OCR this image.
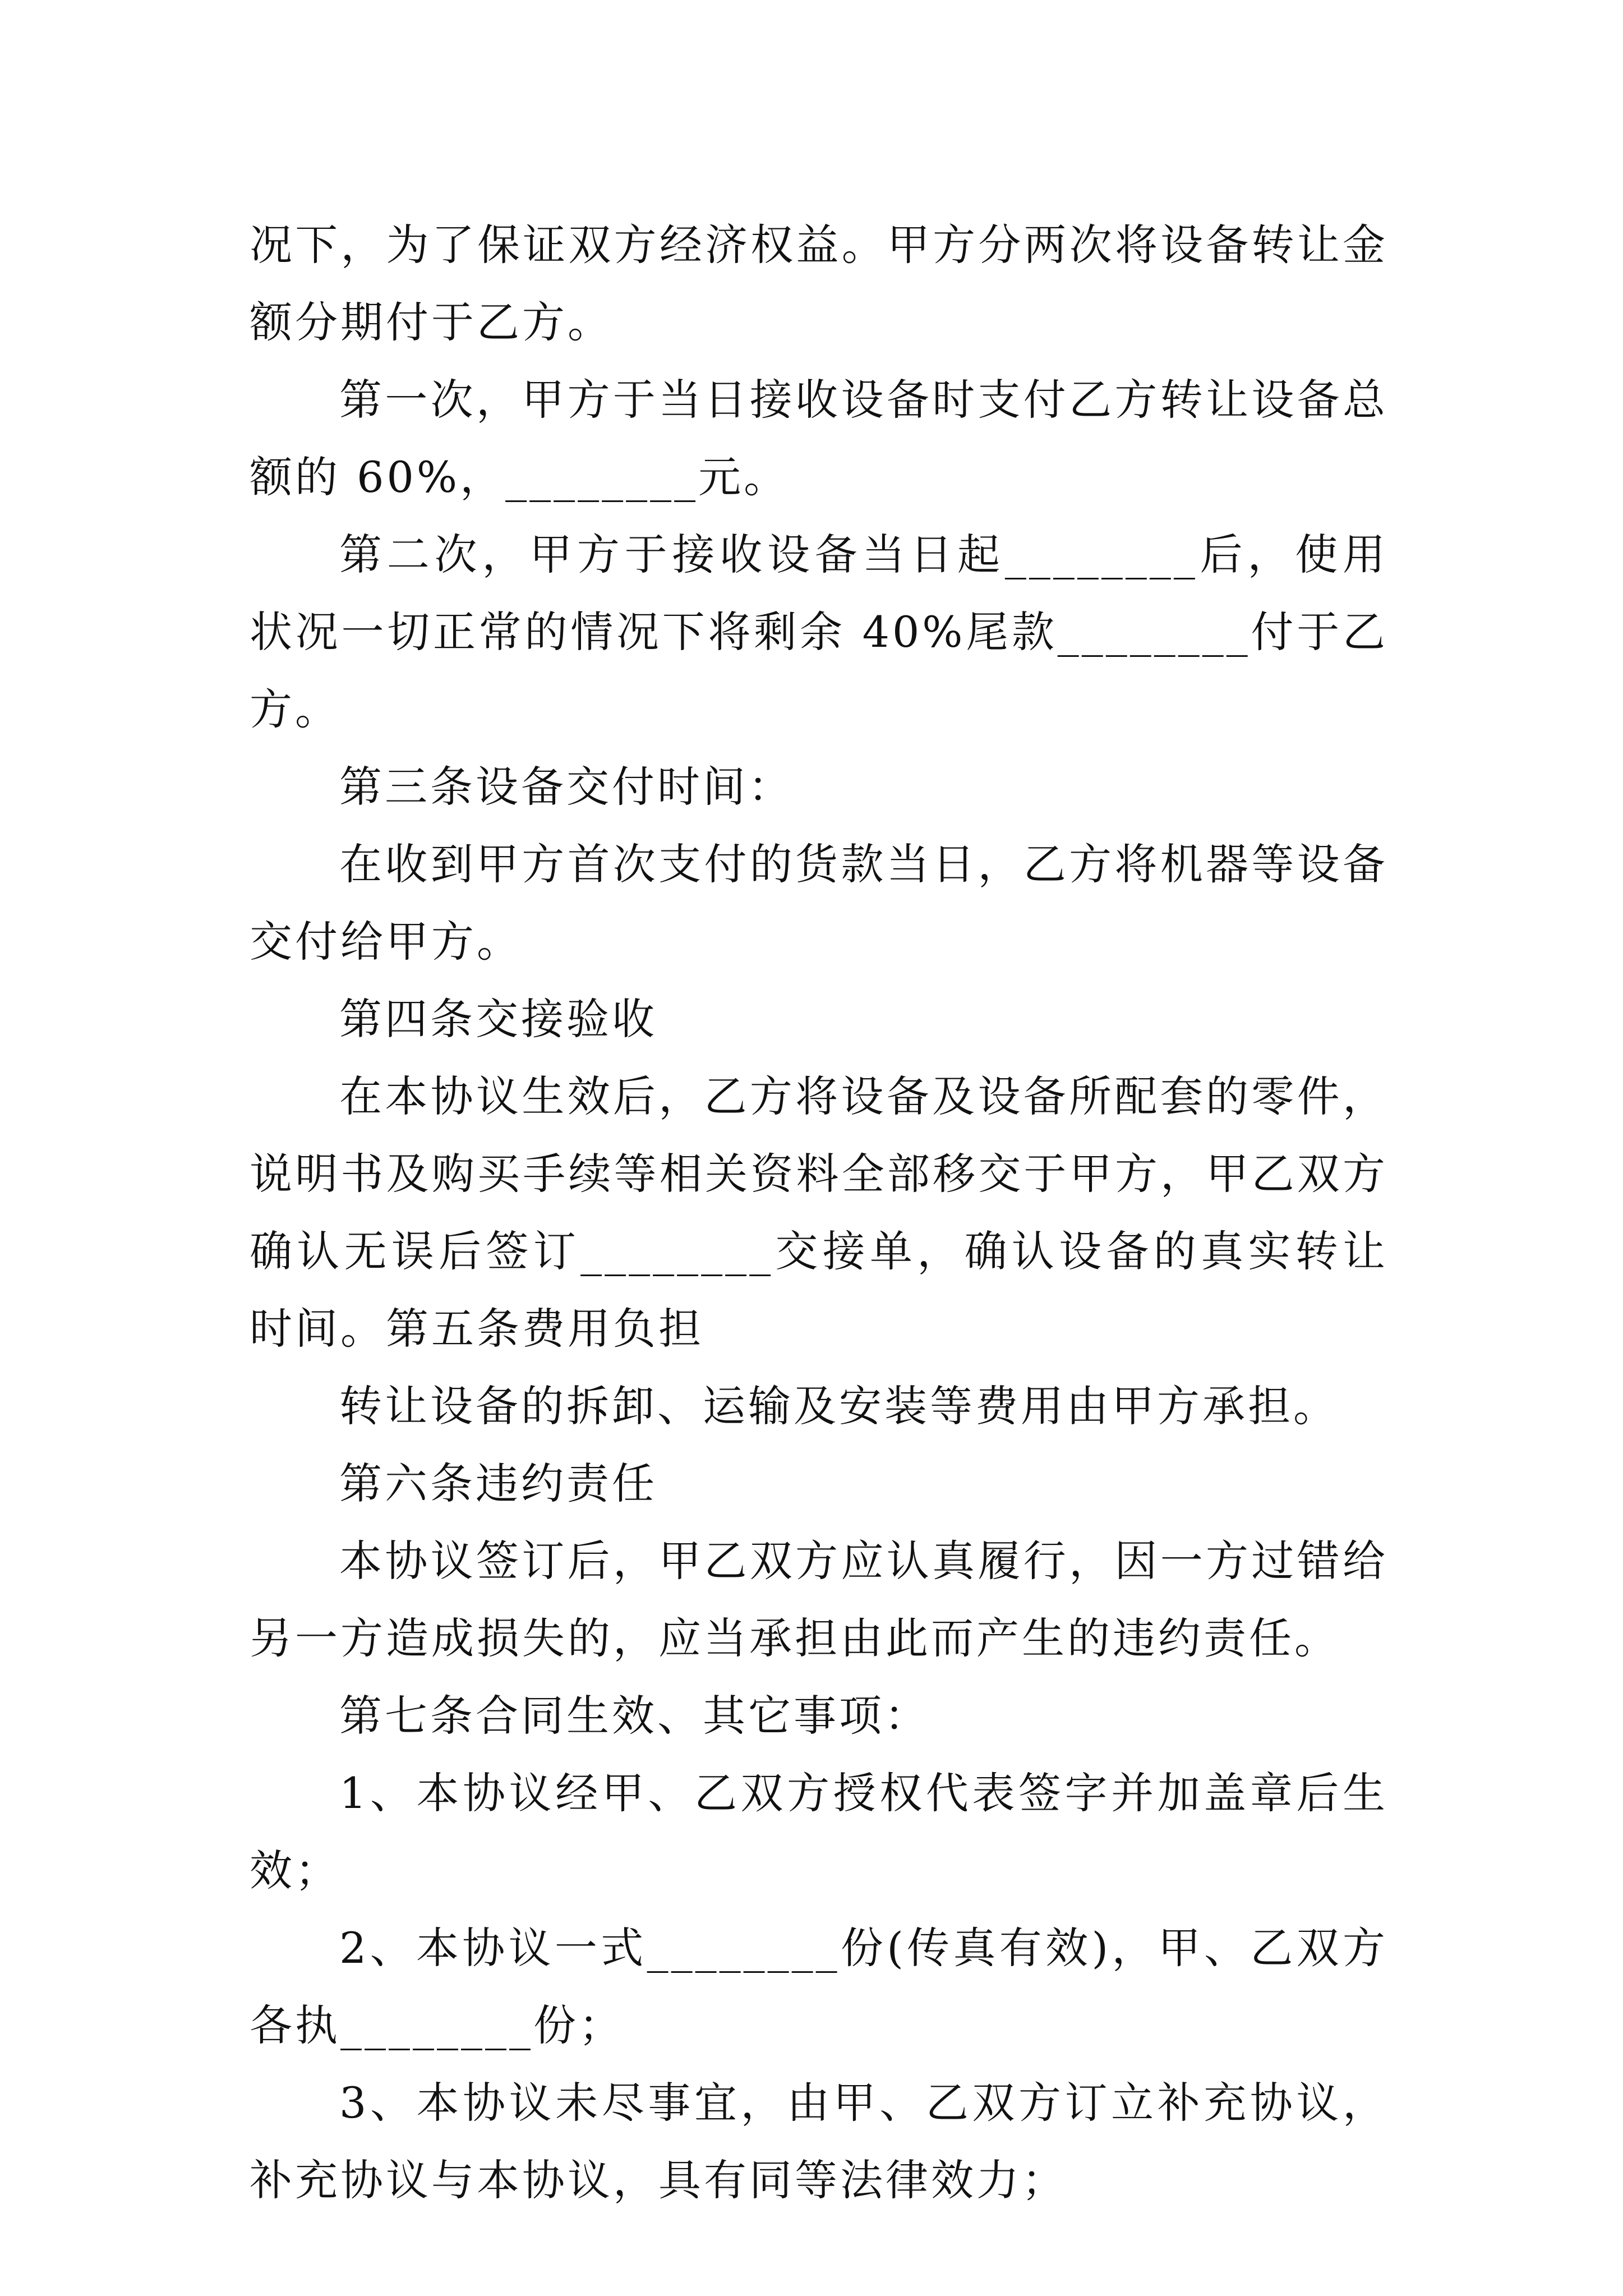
况下，为了保证双方经济权益。甲方分两次将设备转让金额分期付于乙方。

第一次，甲方于当日接收设备时支付乙方转让设备总额的 60%，________元。

第二次，甲方于接收设备当日起________后，使用状况一切正常的情况下将剩余 40%尾款________付于乙方。

第三条设备交付时间：

在收到甲方首次支付的货款当日，乙方将机器等设备交付给甲方。

第四条交接验收

在本协议生效后，乙方将设备及设备所配套的零件，说明书及购买手续等相关资料全部移交于甲方，甲乙双方确认无误后签订________交接单，确认设备的真实转让时间。第五条费用负担

转让设备的拆卸、运输及安装等费用由甲方承担。

第六条违约责任

本协议签订后，甲乙双方应认真履行，因一方过错给另一方造成损失的，应当承担由此而产生的违约责任。

第七条合同生效、其它事项：

1、本协议经甲、乙双方授权代表签字并加盖章后生效；

2、本协议一式________份(传真有效)，甲、乙双方各执________份；

3、本协议未尽事宜，由甲、乙双方订立补充协议，补充协议与本协议，具有同等法律效力；
